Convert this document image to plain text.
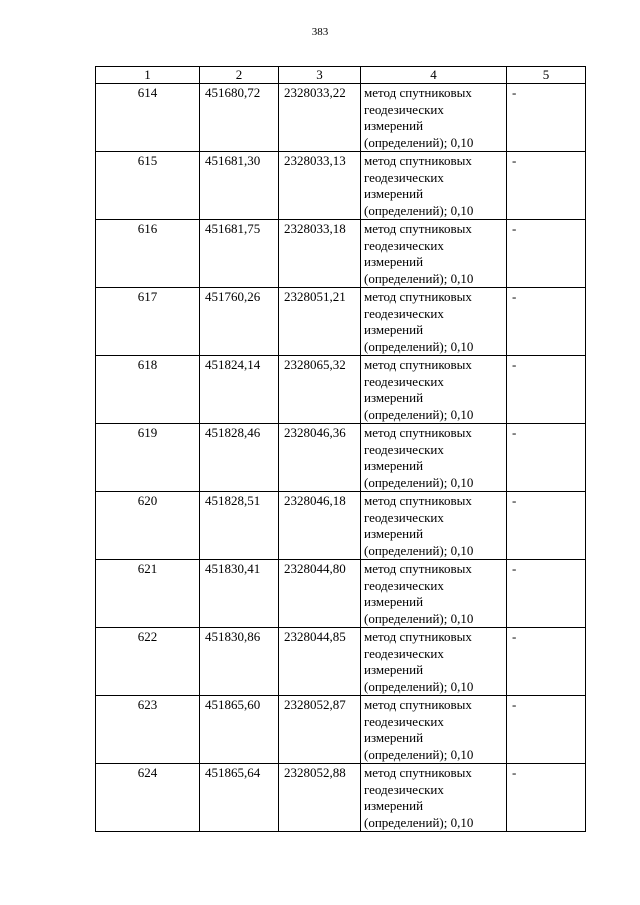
383
1	2	3	4	5
614	451680,72	2328033,22	метод спутниковых геодезических измерений (определений); 0,10	-
615	451681,30	2328033,13	метод спутниковых геодезических измерений (определений); 0,10	-
616	451681,75	2328033,18	метод спутниковых геодезических измерений (определений); 0,10	-
617	451760,26	2328051,21	метод спутниковых геодезических измерений (определений); 0,10	-
618	451824,14	2328065,32	метод спутниковых геодезических измерений (определений); 0,10	-
619	451828,46	2328046,36	метод спутниковых геодезических измерений (определений); 0,10	-
620	451828,51	2328046,18	метод спутниковых геодезических измерений (определений); 0,10	-
621	451830,41	2328044,80	метод спутниковых геодезических измерений (определений); 0,10	-
622	451830,86	2328044,85	метод спутниковых геодезических измерений (определений); 0,10	-
623	451865,60	2328052,87	метод спутниковых геодезических измерений (определений); 0,10	-
624	451865,64	2328052,88	метод спутниковых геодезических измерений (определений); 0,10	-
